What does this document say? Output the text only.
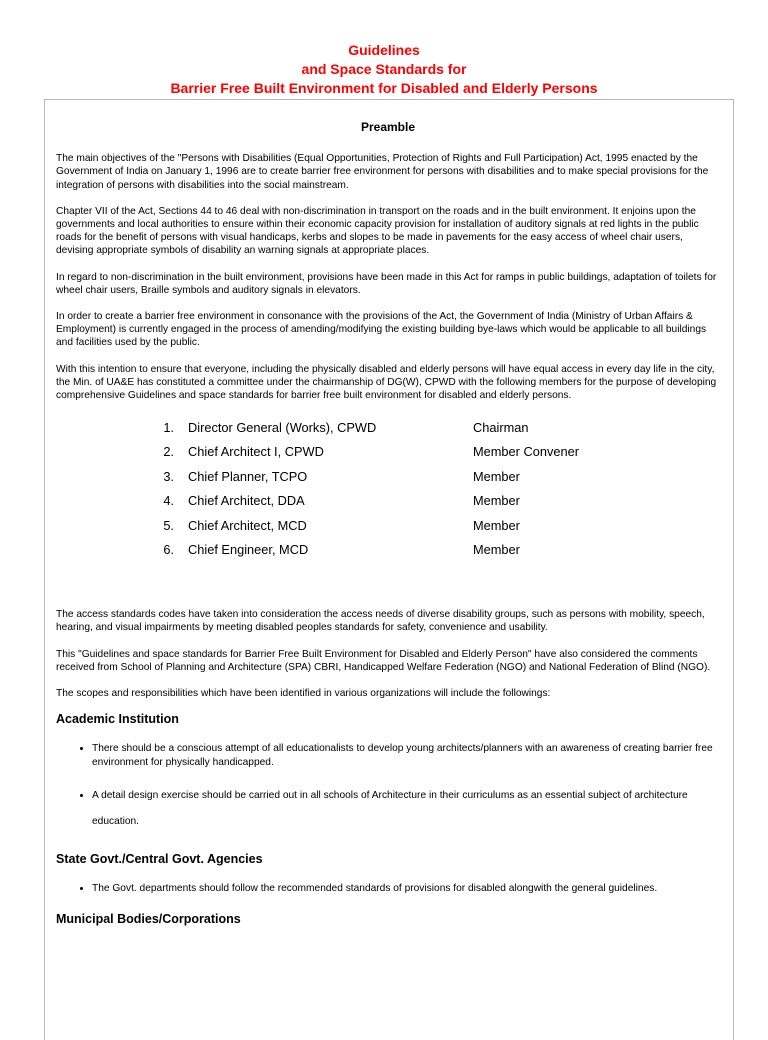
Guidelines
and Space Standards for
Barrier Free Built Environment for Disabled and Elderly Persons
Preamble

The main objectives of the "Persons with Disabilities (Equal Opportunities, Protection of Rights and Full Participation) Act, 1995 enacted by the Government of India on January 1, 1996 are to create barrier free environment for persons with disabilities and to make special provisions for the integration of persons with disabilities into the social mainstream.

Chapter VII of the Act, Sections 44 to 46 deal with non-discrimination in transport on the roads and in the built environment. It enjoins upon the governments and local authorities to ensure within their economic capacity provision for installation of auditory signals at red lights in the public roads for the benefit of persons with visual handicaps, kerbs and slopes to be made in pavements for the easy access of wheel chair users, devising appropriate symbols of disability an warning signals at appropriate places.

In regard to non-discrimination in the built environment, provisions have been made in this Act for ramps in public buildings, adaptation of toilets for wheel chair users, Braille symbols and auditory signals in elevators.

In order to create a barrier free environment in consonance with the provisions of the Act, the Government of India (Ministry of Urban Affairs & Employment) is currently engaged in the process of amending/modifying the existing building bye-laws which would be applicable to all buildings and facilities used by the public.

With this intention to ensure that everyone, including the physically disabled and elderly persons will have equal access in every day life in the city, the Min. of UA&E has constituted a committee under the chairmanship of DG(W), CPWD with the following members for the purpose of developing comprehensive Guidelines and space standards for barrier free built environment for disabled and elderly persons.

1.	Director General (Works), CPWD	Chairman
2.	Chief Architect I, CPWD	Member Convener
3.	Chief Planner, TCPO	Member
4.	Chief Architect, DDA	Member
5.	Chief Architect, MCD	Member
6.	Chief Engineer, MCD	Member

The access standards codes have taken into consideration the access needs of diverse disability groups, such as persons with mobility, speech, hearing, and visual impairments by meeting disabled peoples standards for safety, convenience and usability.

This "Guidelines and space standards for Barrier Free Built Environment for Disabled and Elderly Person" have also considered the comments received from School of Planning and Architecture (SPA) CBRI, Handicapped Welfare Federation (NGO) and National Federation of Blind (NGO).

The scopes and responsibilities which have been identified in various organizations will include the followings:

Academic Institution
• There should be a conscious attempt of all educationalists to develop young architects/planners with an awareness of creating barrier free environment for physically handicapped.
• A detail design exercise should be carried out in all schools of Architecture in their curriculums as an essential subject of architecture education.
State Govt./Central Govt. Agencies
• The Govt. departments should follow the recommended standards of provisions for disabled alongwith the general guidelines.
Municipal Bodies/Corporations
